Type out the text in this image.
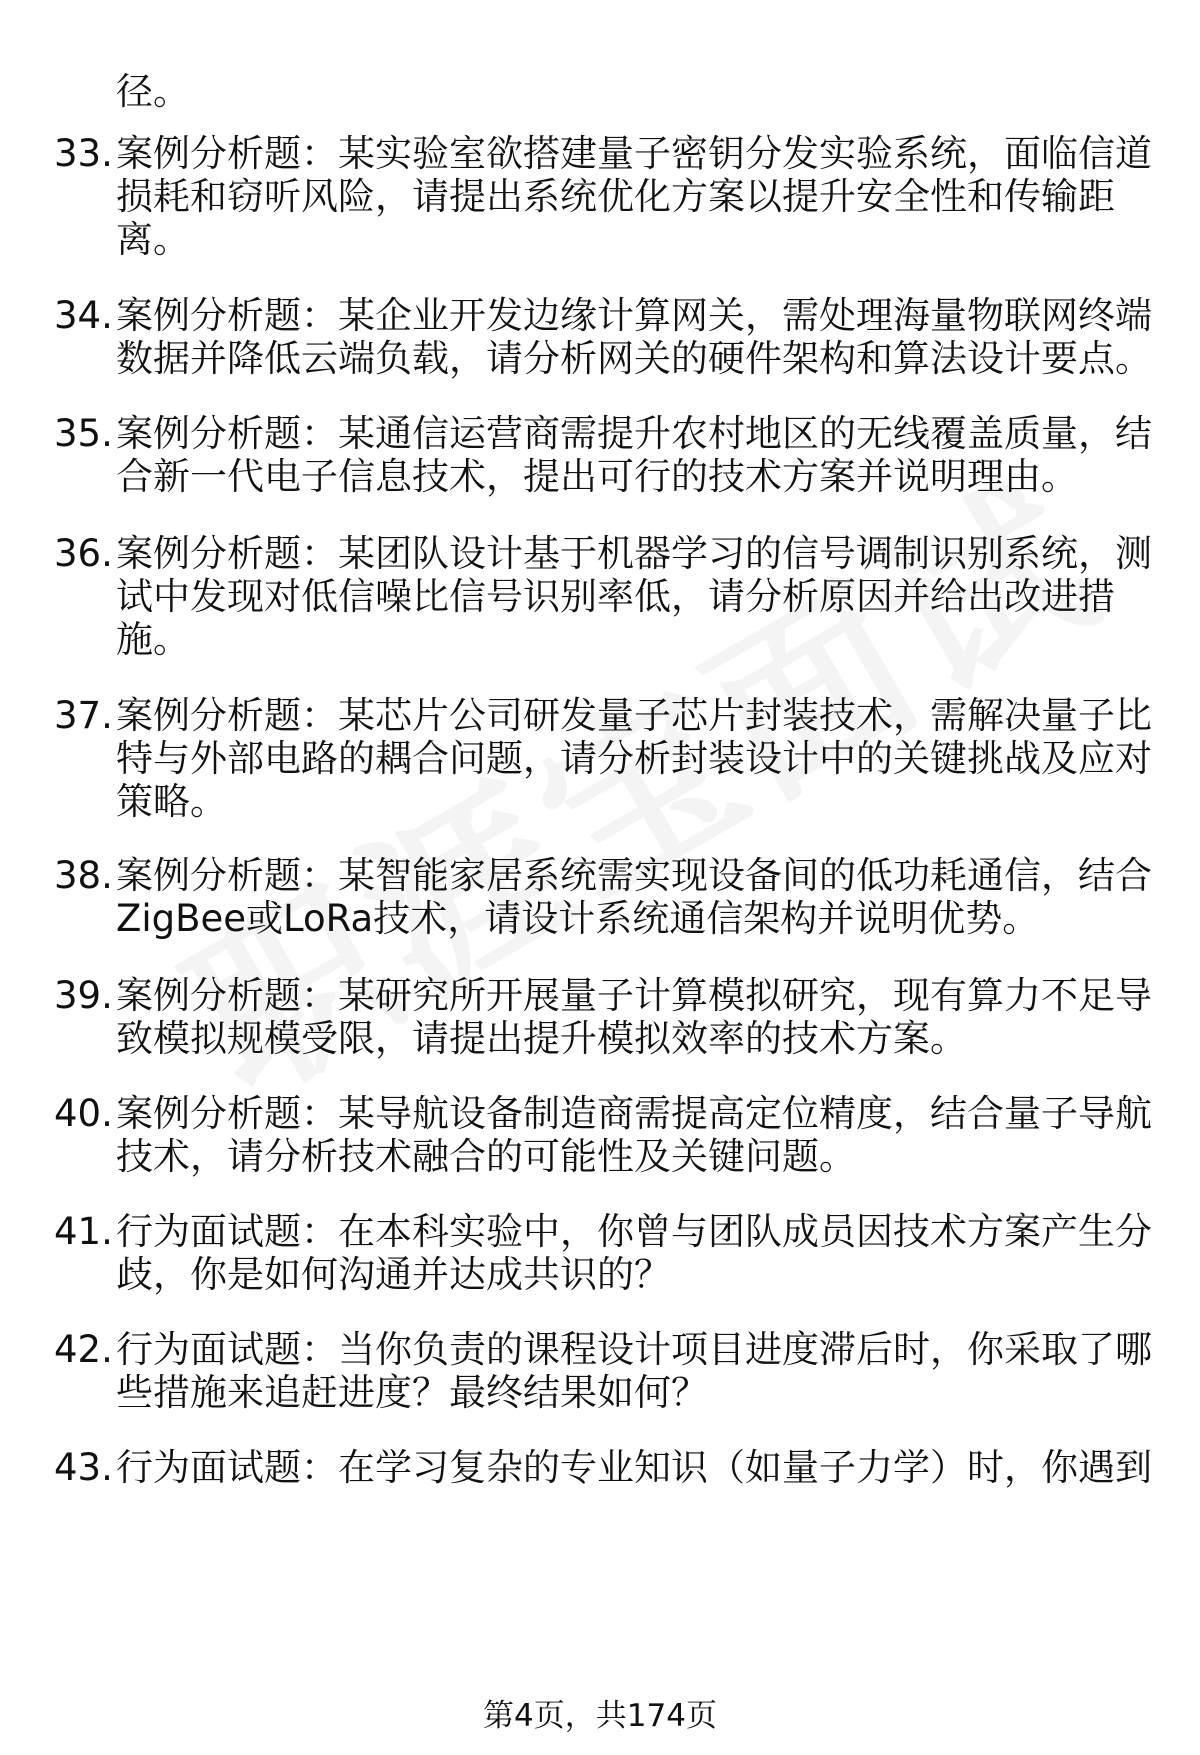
径。
33. 案例分析题：某实验室欲搭建量子密钥分发实验系统，面临信道
损耗和窃听风险，请提出系统优化方案以提升安全性和传输距
离。
34. 案例分析题：某企业开发边缘计算网关，需处理海量物联网终端
数据并降低云端负载，请分析网关的硬件架构和算法设计要点。
35. 案例分析题：某通信运营商需提升农村地区的无线覆盖质量，结
合新一代电子信息技术，提出可行的技术方案并说明理由。
36. 案例分析题：某团队设计基于机器学习的信号调制识别系统，测
试中发现对低信噪比信号识别率低，请分析原因并给出改进措
施。
37. 案例分析题：某芯片公司研发量子芯片封装技术，需解决量子比
特与外部电路的耦合问题，请分析封装设计中的关键挑战及应对
策略。
38. 案例分析题：某智能家居系统需实现设备间的低功耗通信，结合
ZigBee或LoRa技术，请设计系统通信架构并说明优势。
39. 案例分析题：某研究所开展量子计算模拟研究，现有算力不足导
致模拟规模受限，请提出提升模拟效率的技术方案。
40. 案例分析题：某导航设备制造商需提高定位精度，结合量子导航
技术，请分析技术融合的可能性及关键问题。
41. 行为面试题：在本科实验中，你曾与团队成员因技术方案产生分
歧，你是如何沟通并达成共识的？
42. 行为面试题：当你负责的课程设计项目进度滞后时，你采取了哪
些措施来追赶进度？最终结果如何？
43. 行为面试题：在学习复杂的专业知识（如量子力学）时，你遇到
第4页，共174页
